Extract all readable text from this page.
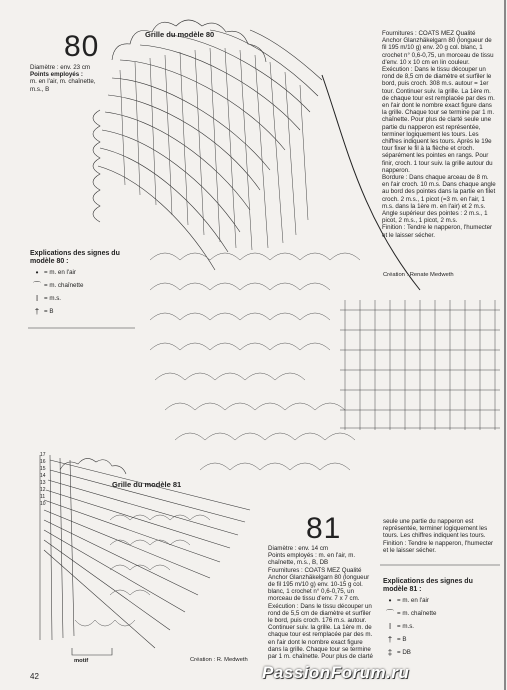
80	Grille du modèle 80
Diamètre : env. 23 cm
Points employés :
m. en l'air, m. chaînette, m.s., B
Fournitures : COATS MEZ Qualité Anchor Glanzhäkelgarn 80 (longueur de fil 195 m/10 g) env. 20 g col. blanc, 1 crochet n° 0,6-0,75, un morceau de tissu d'env. 10 x 10 cm en lin couleur.
Exécution : Dans le tissu découper un rond de 8,5 cm de diamètre et surfiler le bord, puis croch. 308 m.s. autour = 1er tour. Continuer suiv. la grille. La 1ère m. de chaque tour est remplacée par des m. en l'air dont le nombre exact figure dans la grille. Chaque tour se termine par 1 m. chaînette. Pour plus de clarté seule une partie du napperon est représentée, terminer logiquement les tours. Les chiffres indiquent les tours. Après le 19e tour fixer le fil à la flèche et croch. séparément les pointes en rangs. Pour finir, croch. 1 tour suiv. la grille autour du napperon.
Bordure : Dans chaque arceau de 8 m. en l'air croch. 10 m.s. Dans chaque angle au bord des pointes dans la partie en filet croch. 2 m.s., 1 picot (=3 m. en l'air, 1 m.s. dans la 1ère m. en l'air) et 2 m.s. Angle supérieur des pointes : 2 m.s., 1 picot, 2 m.s., 1 picot, 2 m.s.
Finition : Tendre le napperon, l'humecter et le laisser sécher.
Création : Renate Medweth
Explications des signes du modèle 80 :
• = m. en l'air
⌒ = m. chaînette
ǀ = m.s.
† = B
17
16
15
14
13
12
11
10
Grille du modèle 81
81
Diamètre : env. 14 cm
Points employés : m. en l'air, m. chaînette, m.s., B, DB
Fournitures : COATS MEZ Qualité Anchor Glanzhäkelgarn 80 (longueur de fil 195 m/10 g) env. 10-15 g col. blanc, 1 crochet n° 0,6-0,75, un morceau de tissu d'env. 7 x 7 cm.
Exécution : Dans le tissu découper un rond de 5,5 cm de diamètre et surfiler le bord, puis croch. 176 m.s. autour. Continuer suiv. la grille. La 1ère m. de chaque tour est remplacée par des m. en l'air dont le nombre exact figure dans la grille. Chaque tour se termine par 1 m. chaînette. Pour plus de clarté
seule une partie du napperon est représentée, terminer logiquement les tours. Les chiffres indiquent les tours.
Finition : Tendre le napperon, l'humecter et le laisser sécher.
Explications des signes du modèle 81 :
• = m. en l'air
⌒ = m. chaînette
ǀ = m.s.
† = B
‡ = DB
motif	Création : R. Medweth
42	PassionForum.ru
